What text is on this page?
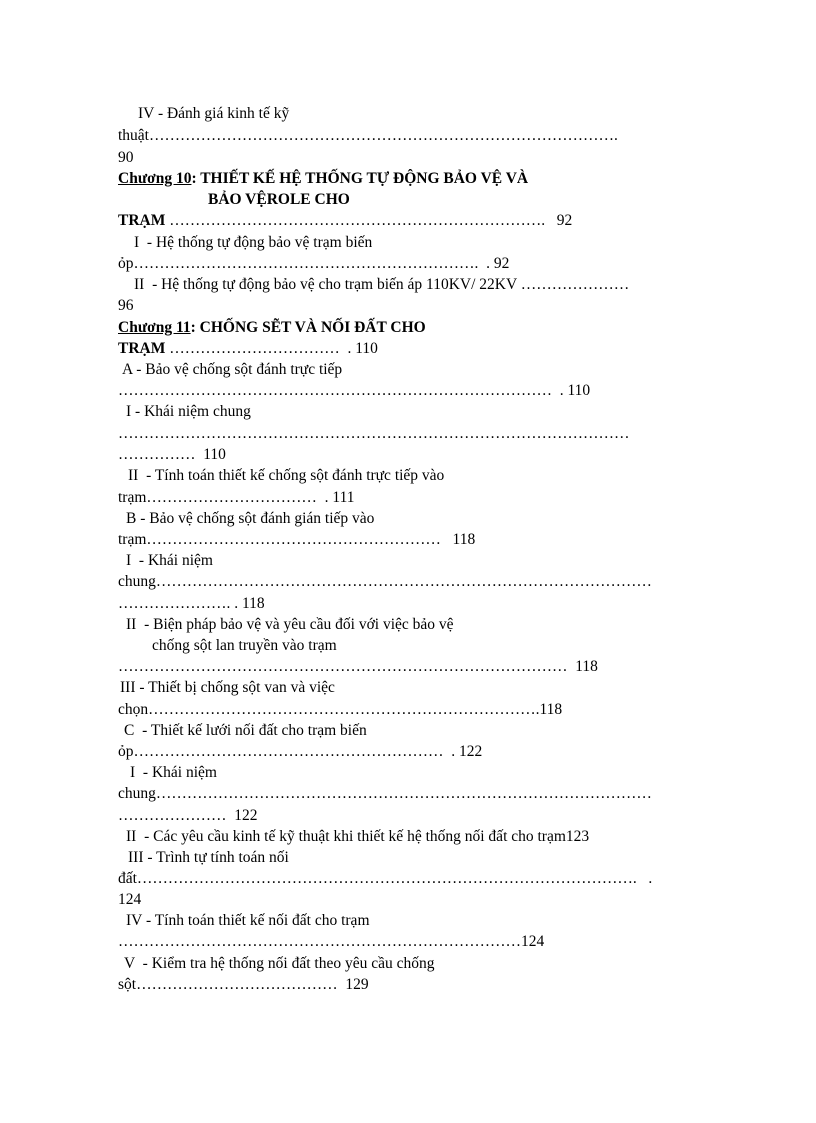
IV - Đánh giá kinh tế kỹ
thuật……………………………………………………………………………….
90
Chương 10: THIẾT KẾ HỆ THỐNG TỰ ĐỘNG BẢO VỆ VÀ
BẢO VỆROLE CHO
TRẠM ……………………………………………………………….   92
I  - Hệ thống tự động bảo vệ trạm biến
ỏp………………………………………………………….  . 92
II  - Hệ thống tự động bảo vệ cho trạm biến áp 110KV/ 22KV …………………
96
Chương 11: CHỐNG SẼT VÀ NỐI ĐẤT CHO
TRẠM ……………………………  . 110
A - Bảo vệ chống sột đánh trực tiếp
…………………………………………………………………………  . 110
I - Khái niệm chung
………………………………………………………………………………………
……………  110
II  - Tính toán thiết kế chống sột đánh trực tiếp vào
trạm……………………………  . 111
B - Bảo vệ chống sột đánh gián tiếp vào
trạm…………………………………………………   118
I  - Khái niệm
chung……………………………………………………………………………………
…………………. . 118
II  - Biện pháp bảo vệ và yêu cầu đối với việc bảo vệ
chống sột lan truyền vào trạm
……………………………………………………………………………  118
III - Thiết bị chống sột van và việc
chọn………………………………………………………………….118
C  - Thiết kế lưới nối đất cho trạm biến
ỏp……………………………………………………  . 122
I  - Khái niệm
chung……………………………………………………………………………………
…………………  122
II  - Các yêu cầu kinh tế kỹ thuật khi thiết kế hệ thống nối đất cho trạm123
III - Trình tự tính toán nối
đất…………………………………………………………………………………….   .
124
IV - Tính toán thiết kế nối đất cho trạm
……………………………………………………………………124
V  - Kiểm tra hệ thống nối đất theo yêu cầu chống
sột…………………………………  129
